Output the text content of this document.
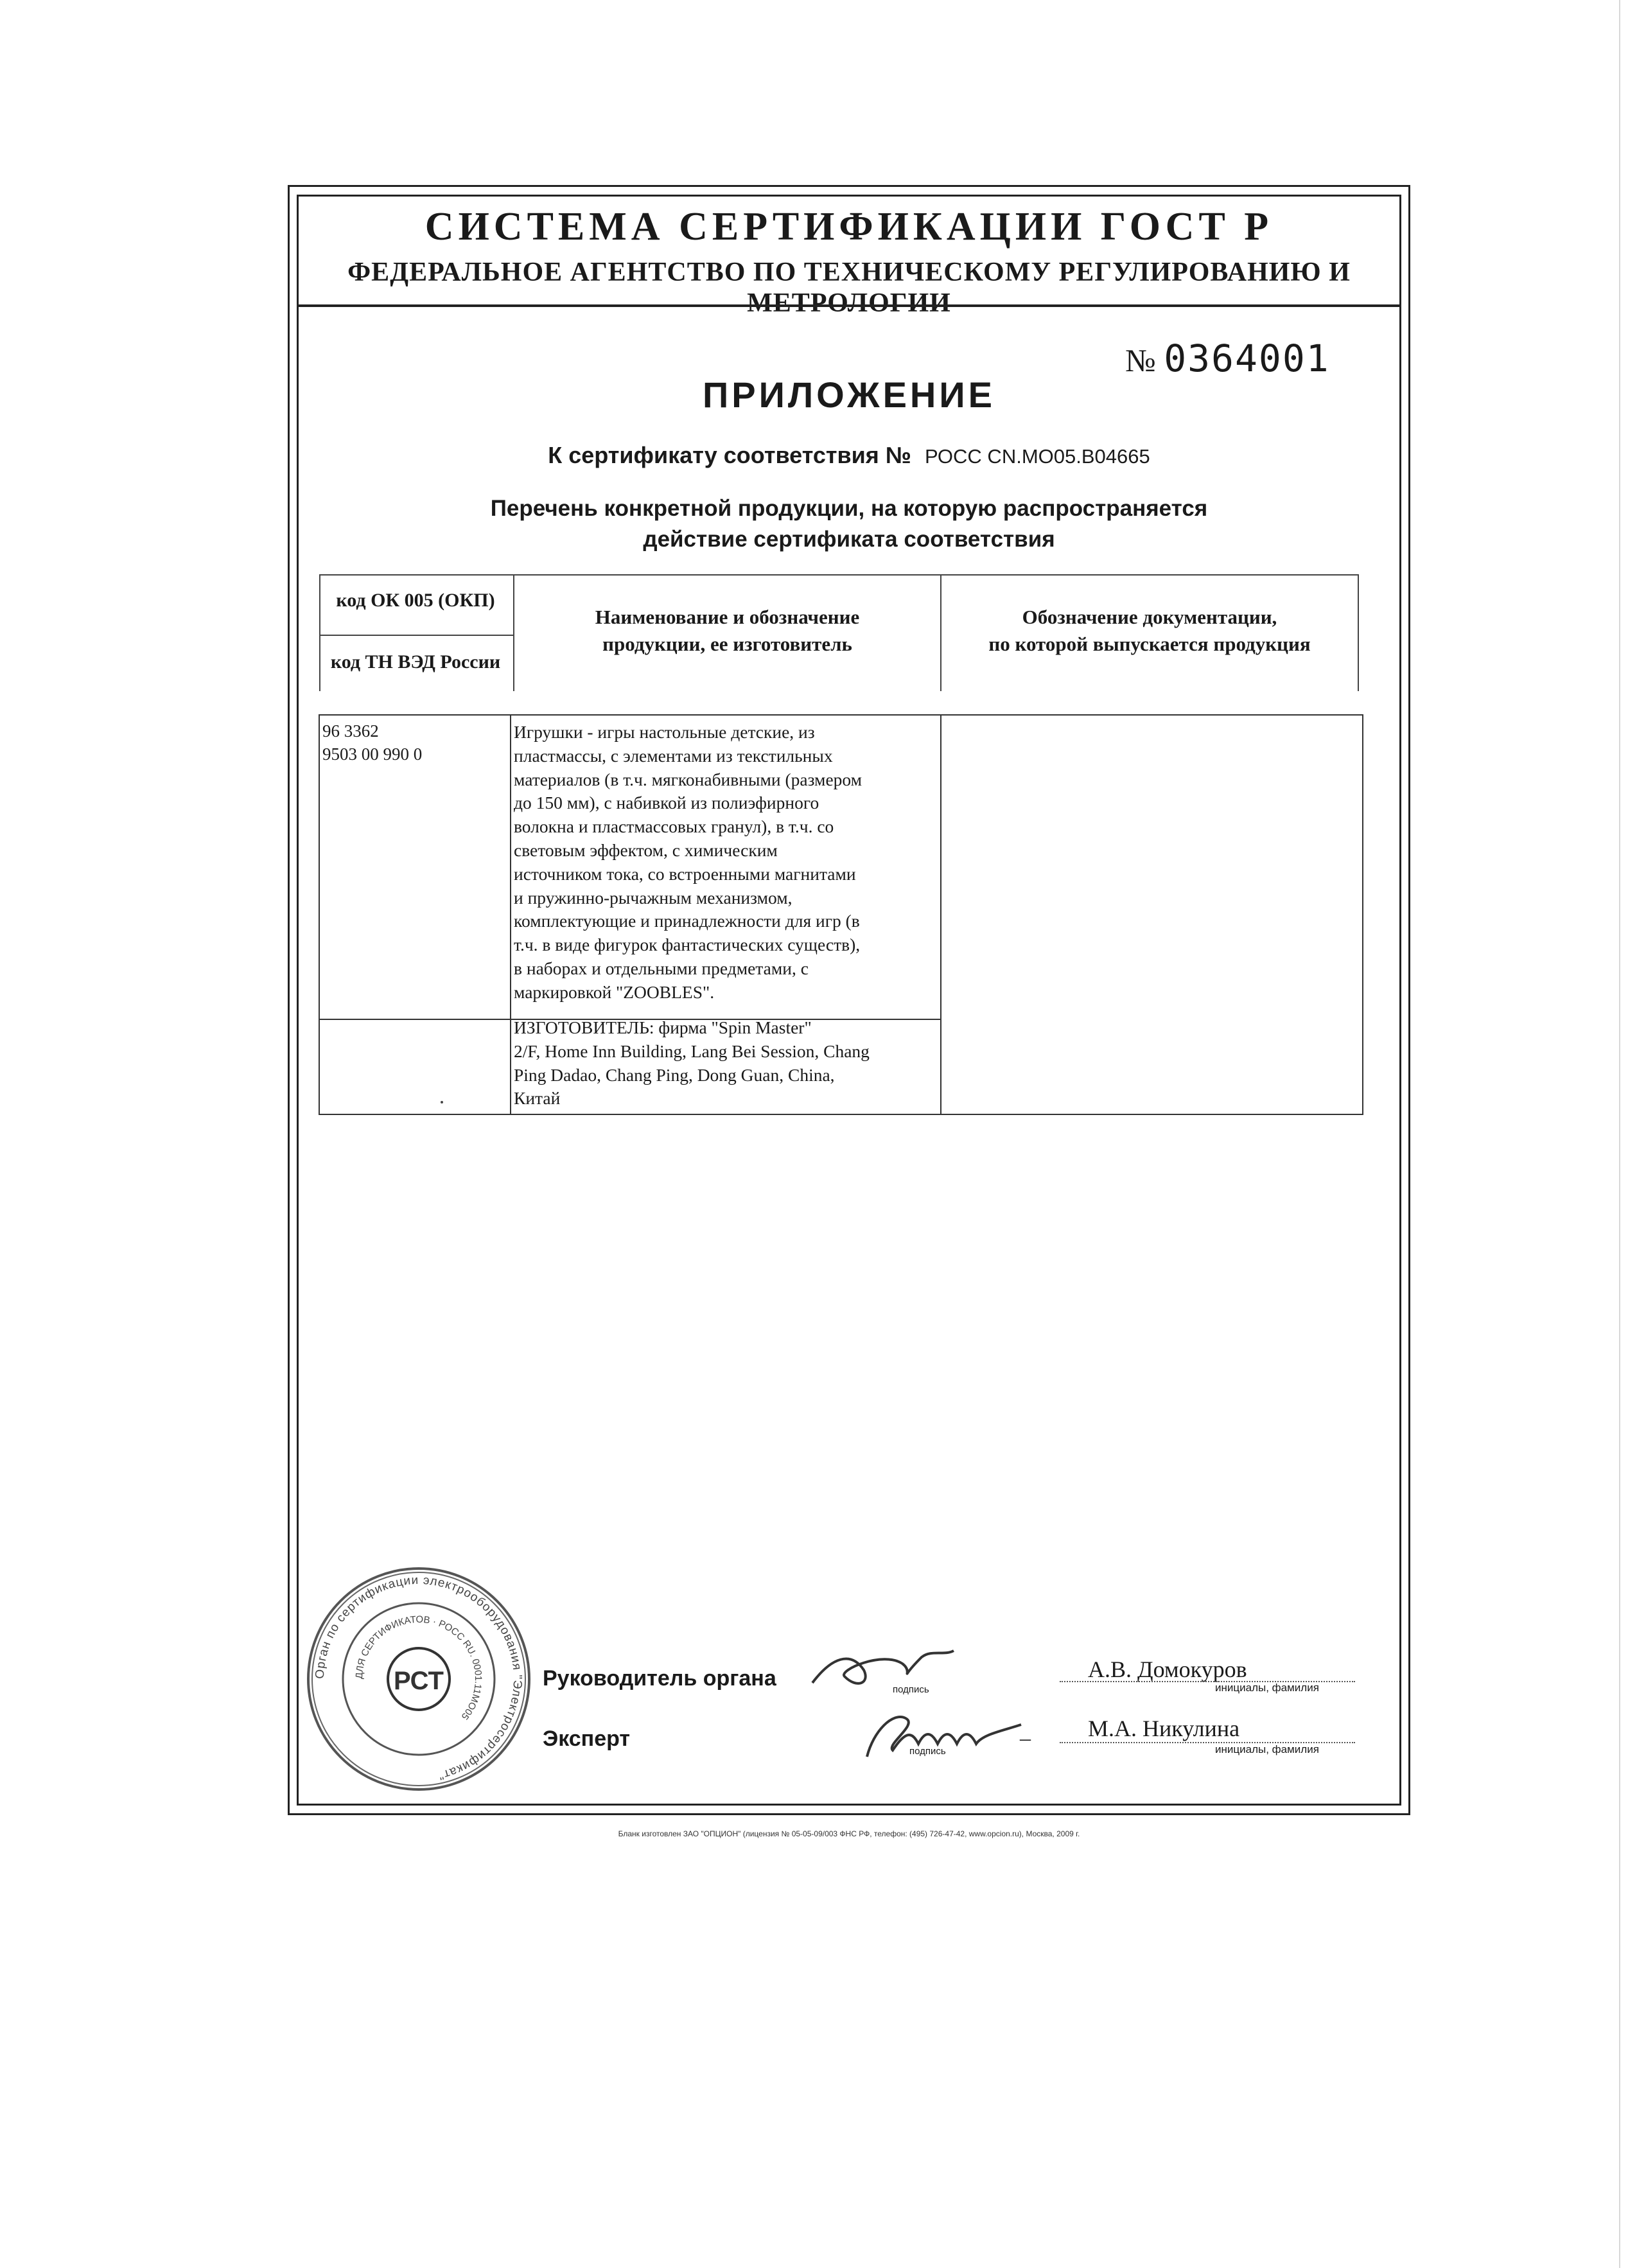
СИСТЕМА СЕРТИФИКАЦИИ ГОСТ Р
ФЕДЕРАЛЬНОЕ АГЕНТСТВО ПО ТЕХНИЧЕСКОМУ РЕГУЛИРОВАНИЮ И МЕТРОЛОГИИ
№ 0364001
ПРИЛОЖЕНИЕ
К сертификату соответствия № РОСС CN.МО05.В04665
Перечень конкретной продукции, на которую распространяется
действие сертификата соответствия
код ОК 005 (ОКП)
код ТН ВЭД России
Наименование и обозначение
продукции, ее изготовитель
Обозначение документации,
по которой выпускается продукция
96 3362
9503 00 990 0
Игрушки - игры настольные детские, из
пластмассы, с элементами из текстильных
материалов (в т.ч. мягконабивными (размером
до 150 мм), с набивкой из полиэфирного
волокна и пластмассовых гранул), в т.ч. со
световым эффектом, с химическим
источником тока, со встроенными магнитами
и пружинно-рычажным механизмом,
комплектующие и принадлежности для игр (в
т.ч. в виде фигурок фантастических существ),
в наборах и отдельными предметами, с
маркировкой "ZOOBLES".
ИЗГОТОВИТЕЛЬ: фирма "Spin Master"
2/F, Home Inn Building, Lang Bei Session, Chang
Ping Dadao, Chang Ping, Dong Guan, China,
Китай
Орган по сертификации электрооборудования "Электросертификат"
ДЛЯ СЕРТИФИКАТОВ · РОСС RU. 0001.11МО05
РСТ	Руководитель органа	подпись
А.В. Домокуров
инициалы, фамилия
Эксперт
подпись
– М.А. Никулина
инициалы, фамилия
Бланк изготовлен ЗАО "ОПЦИОН" (лицензия № 05-05-09/003 ФНС РФ, телефон: (495) 726-47-42, www.opcion.ru), Москва, 2009 г.
